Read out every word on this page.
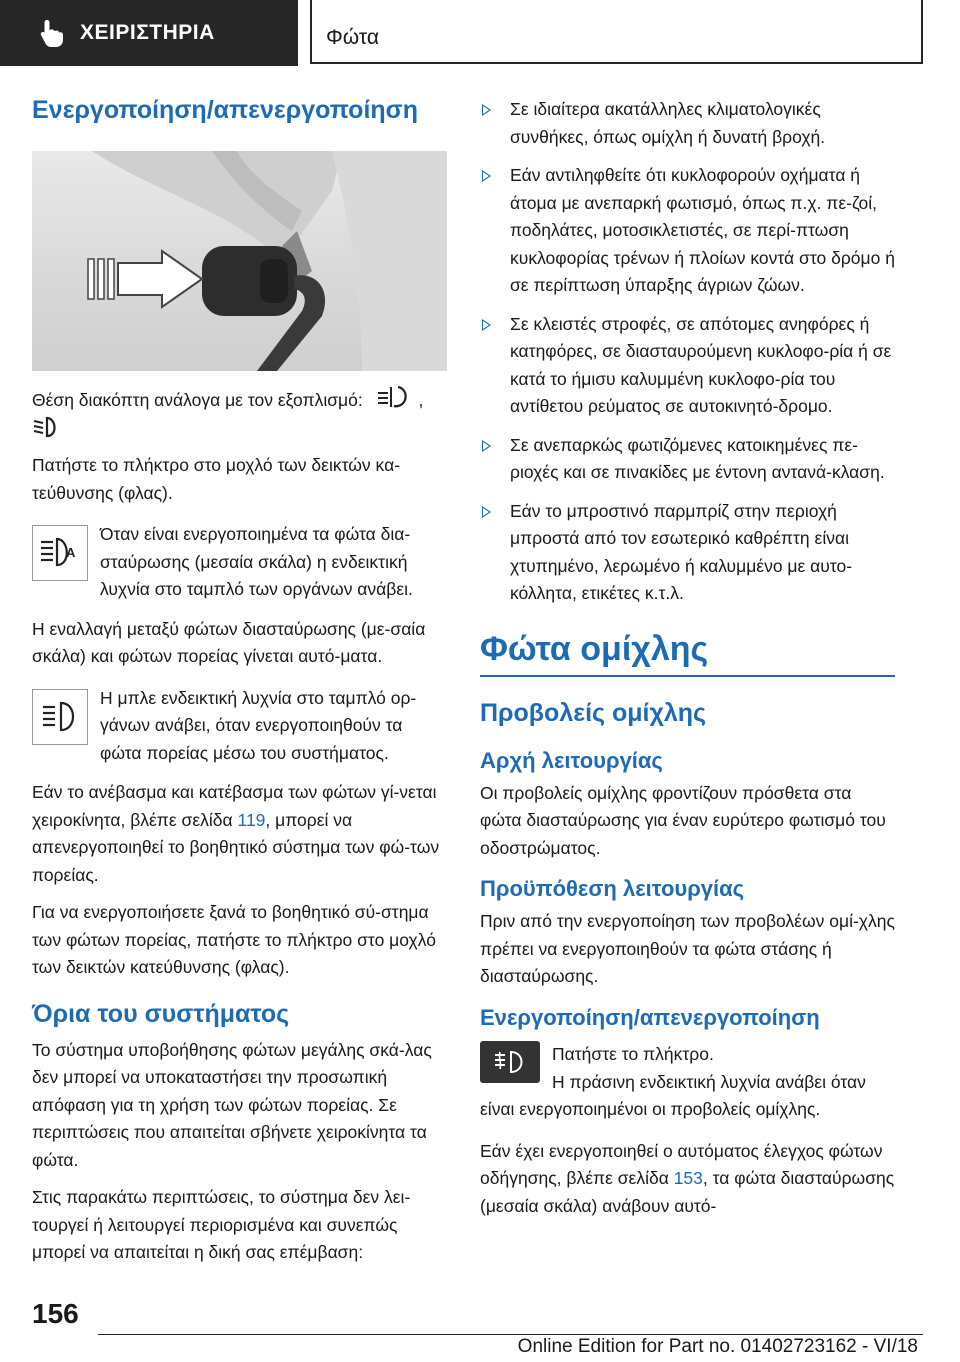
ΧΕΙΡΙΣΤΗΡΙΑ	Φώτα
Ενεργοποίηση/απενεργοποίηση

Θέση διακόπτη ανάλογα με τον εξοπλισμό:	,

Πατήστε το πλήκτρο στο μοχλό των δεικτών κα-τεύθυνσης (φλας).

A

Όταν είναι ενεργοποιημένα τα φώτα δια-σταύρωσης (μεσαία σκάλα) η ενδεικτική λυχνία στο ταμπλό των οργάνων ανάβει.

Η εναλλαγή μεταξύ φώτων διασταύρωσης (με-σαία σκάλα) και φώτων πορείας γίνεται αυτό-ματα.

Η μπλε ενδεικτική λυχνία στο ταμπλό ορ-γάνων ανάβει, όταν ενεργοποιηθούν τα φώτα πορείας μέσω του συστήματος.

Εάν το ανέβασμα και κατέβασμα των φώτων γί-νεται χειροκίνητα, βλέπε σελίδα 119, μπορεί να απενεργοποιηθεί το βοηθητικό σύστημα των φώ-των πορείας.

Για να ενεργοποιήσετε ξανά το βοηθητικό σύ-στημα των φώτων πορείας, πατήστε το πλήκτρο στο μοχλό των δεικτών κατεύθυνσης (φλας).

Όρια του συστήματος

Το σύστημα υποβοήθησης φώτων μεγάλης σκά-λας δεν μπορεί να υποκαταστήσει την προσωπική απόφαση για τη χρήση των φώτων πορείας. Σε περιπτώσεις που απαιτείται σβήνετε χειροκίνητα τα φώτα.

Στις παρακάτω περιπτώσεις, το σύστημα δεν λει-τουργεί ή λειτουργεί περιορισμένα και συνεπώς μπορεί να απαιτείται η δική σας επέμβαση:

Σε ιδιαίτερα ακατάλληλες κλιματολογικές συνθήκες, όπως ομίχλη ή δυνατή βροχή.
Εάν αντιληφθείτε ότι κυκλοφορούν οχήματα ή άτομα με ανεπαρκή φωτισμό, όπως π.χ. πε-ζοί, ποδηλάτες, μοτοσικλετιστές, σε περί-πτωση κυκλοφορίας τρένων ή πλοίων κοντά στο δρόμο ή σε περίπτωση ύπαρξης άγριων ζώων.
Σε κλειστές στροφές, σε απότομες ανηφόρες ή κατηφόρες, σε διασταυρούμενη κυκλοφο-ρία ή σε κατά το ήμισυ καλυμμένη κυκλοφο-ρία του αντίθετου ρεύματος σε αυτοκινητό-δρομο.
Σε ανεπαρκώς φωτιζόμενες κατοικημένες πε-ριοχές και σε πινακίδες με έντονη αντανά-κλαση.
Εάν το μπροστινό παρμπρίζ στην περιοχή μπροστά από τον εσωτερικό καθρέπτη είναι χτυπημένο, λερωμένο ή καλυμμένο με αυτο-κόλλητα, ετικέτες κ.τ.λ.
Φώτα ομίχλης
Προβολείς ομίχλης
Αρχή λειτουργίας

Οι προβολείς ομίχλης φροντίζουν πρόσθετα στα φώτα διασταύρωσης για έναν ευρύτερο φωτισμό του οδοστρώματος.

Προϋπόθεση λειτουργίας

Πριν από την ενεργοποίηση των προβολέων ομί-χλης πρέπει να ενεργοποιηθούν τα φώτα στάσης ή διασταύρωσης.

Ενεργοποίηση/απενεργοποίηση

Πατήστε το πλήκτρο.

Η πράσινη ενδεικτική λυχνία ανάβει όταν είναι ενεργοποιημένοι οι προβολείς ομίχλης.

Εάν έχει ενεργοποιηθεί ο αυτόματος έλεγχος φώτων οδήγησης, βλέπε σελίδα 153, τα φώτα διασταύρωσης (μεσαία σκάλα) ανάβουν αυτό-

156
Online Edition for Part no. 01402723162 - VI/18
